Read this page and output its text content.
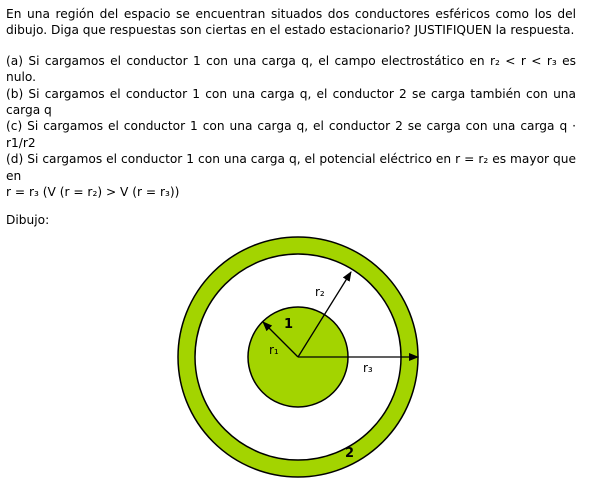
En una región del espacio se encuentran situados dos conductores esféricos como los del dibujo. Diga que respuestas son ciertas en el estado estacionario? JUSTIFIQUEN la respuesta.

(a) Si cargamos el conductor 1 con una carga q, el campo electrostático en r₂ < r < r₃ es nulo.

(b) Si cargamos el conductor 1 con una carga q, el conductor 2 se carga también con una carga q

(c) Si cargamos el conductor 1 con una carga q, el conductor 2 se carga con una carga q · r1/r2

(d) Si cargamos el conductor 1 con una carga q, el potencial eléctrico en r = r₂ es mayor que en

r = r₃ (V (r = r₂) > V (r = r₃))

Dibujo:

r₁
r₂
r₃
1
2
